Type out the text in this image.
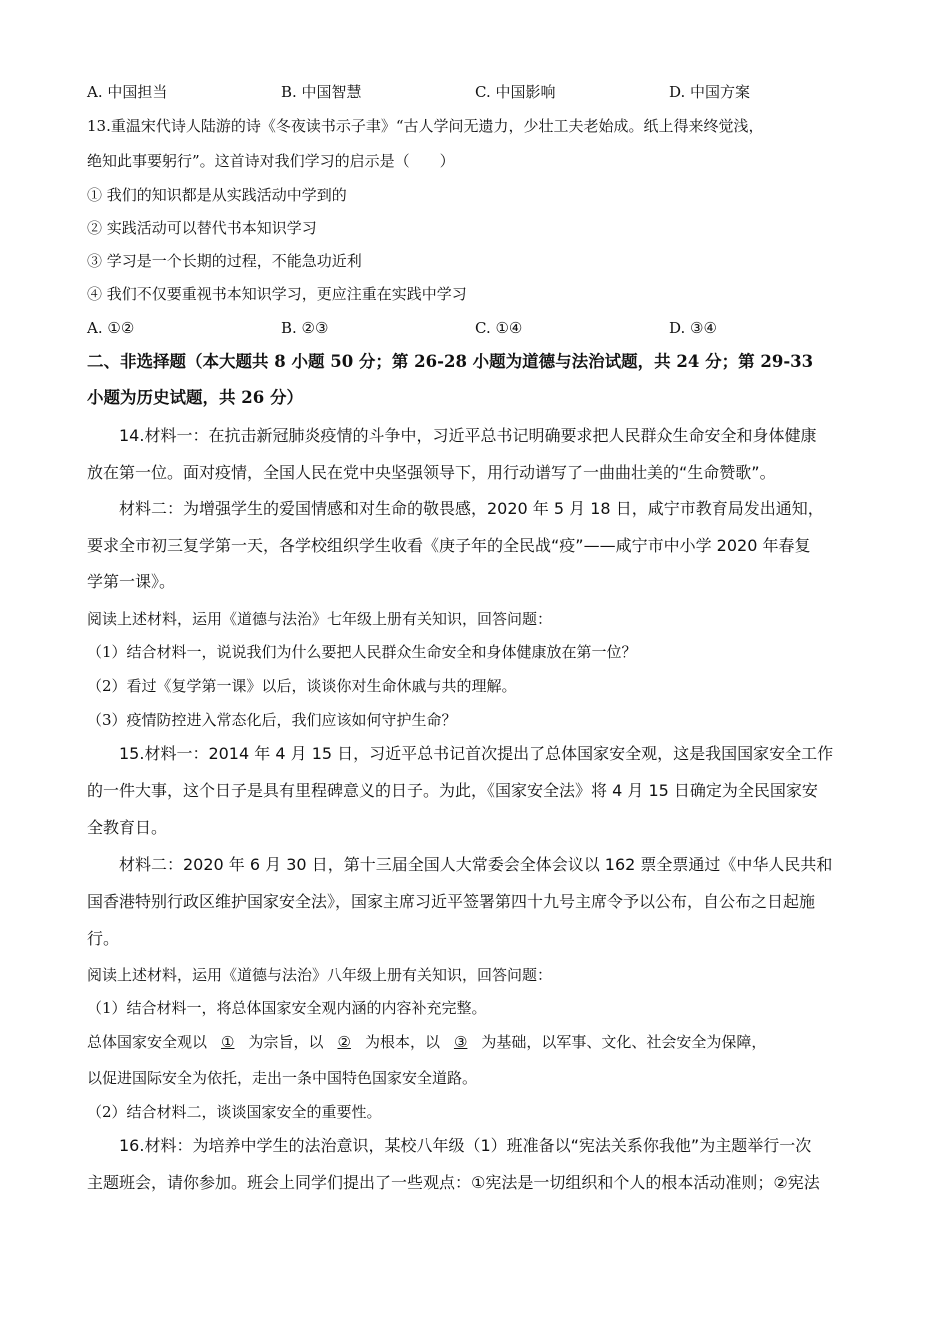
A. 中国担当	B. 中国智慧	C. 中国影响	D. 中国方案
13.重温宋代诗人陆游的诗《冬夜读书示子聿》“古人学问无遗力，少壮工夫老始成。纸上得来终觉浅，
绝知此事要躬行”。这首诗对我们学习的启示是（　　）
① 我们的知识都是从实践活动中学到的
② 实践活动可以替代书本知识学习
③ 学习是一个长期的过程，不能急功近利
④ 我们不仅要重视书本知识学习，更应注重在实践中学习
A. ①②	B. ②③	C. ①④	D. ③④
二、非选择题（本大题共 8 小题 50 分；第 26-28 小题为道德与法治试题，共 24 分；第 29-33
小题为历史试题，共 26 分）
14.材料一：在抗击新冠肺炎疫情的斗争中，习近平总书记明确要求把人民群众生命安全和身体健康
放在第一位。面对疫情，全国人民在党中央坚强领导下，用行动谱写了一曲曲壮美的“生命赞歌”。
材料二：为增强学生的爱国情感和对生命的敬畏感，2020 年 5 月 18 日，咸宁市教育局发出通知，
要求全市初三复学第一天，各学校组织学生收看《庚子年的全民战“疫”——咸宁市中小学 2020 年春复
学第一课》。
阅读上述材料，运用《道德与法治》七年级上册有关知识，回答问题：
（1）结合材料一，说说我们为什么要把人民群众生命安全和身体健康放在第一位？
（2）看过《复学第一课》以后，谈谈你对生命休戚与共的理解。
（3）疫情防控进入常态化后，我们应该如何守护生命？
15.材料一：2014 年 4 月 15 日，习近平总书记首次提出了总体国家安全观，这是我国国家安全工作
的一件大事，这个日子是具有里程碑意义的日子。为此，《国家安全法》将 4 月 15 日确定为全民国家安
全教育日。
材料二：2020 年 6 月 30 日，第十三届全国人大常委会全体会议以 162 票全票通过《中华人民共和
国香港特别行政区维护国家安全法》，国家主席习近平签署第四十九号主席令予以公布，自公布之日起施
行。
阅读上述材料，运用《道德与法治》八年级上册有关知识，回答问题：
（1）结合材料一，将总体国家安全观内涵的内容补充完整。
总体国家安全观以 ① 为宗旨，以 ② 为根本，以 ③ 为基础，以军事、文化、社会安全为保障，
以促进国际安全为依托，走出一条中国特色国家安全道路。
（2）结合材料二，谈谈国家安全的重要性。
16.材料：为培养中学生的法治意识，某校八年级（1）班准备以“宪法关系你我他”为主题举行一次
主题班会，请你参加。班会上同学们提出了一些观点：①宪法是一切组织和个人的根本活动准则；②宪法
